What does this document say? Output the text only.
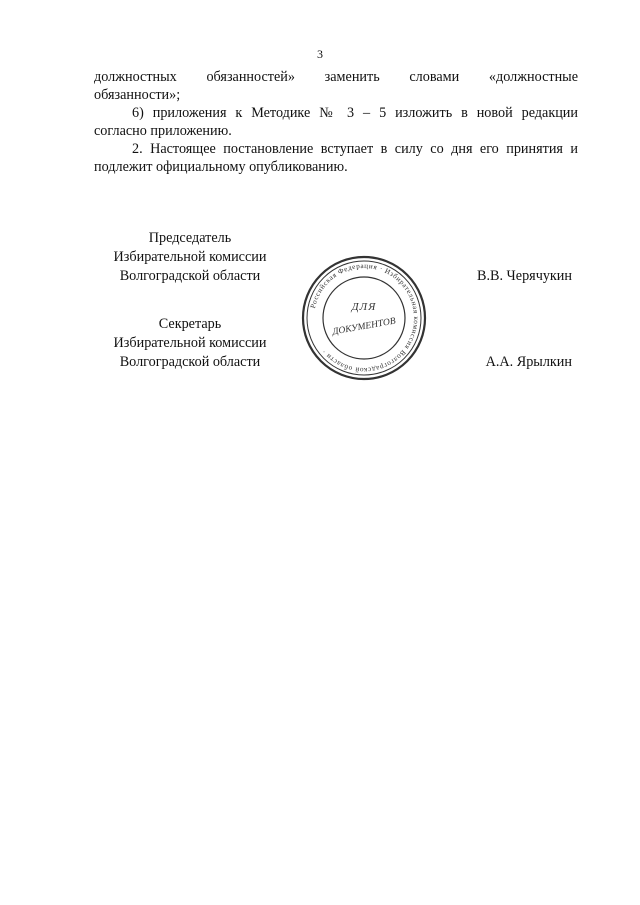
3

должностных обязанностей» заменить словами «должностные

обязанности»;

6) приложения к Методике № 3 – 5 изложить в новой редакции

согласно приложению.

2. Настоящее постановление вступает в силу со дня его принятия и

подлежит официальному опубликованию.

Председатель
Избирательной комиссии
Волгоградской области	В.В. Черячукин
Секретарь
Избирательной комиссии
Волгоградской области	А.А. Ярылкин
Российская Федерация · Избирательная комиссия Волгоградской области ·
ДЛЯ
ДОКУМЕНТОВ
